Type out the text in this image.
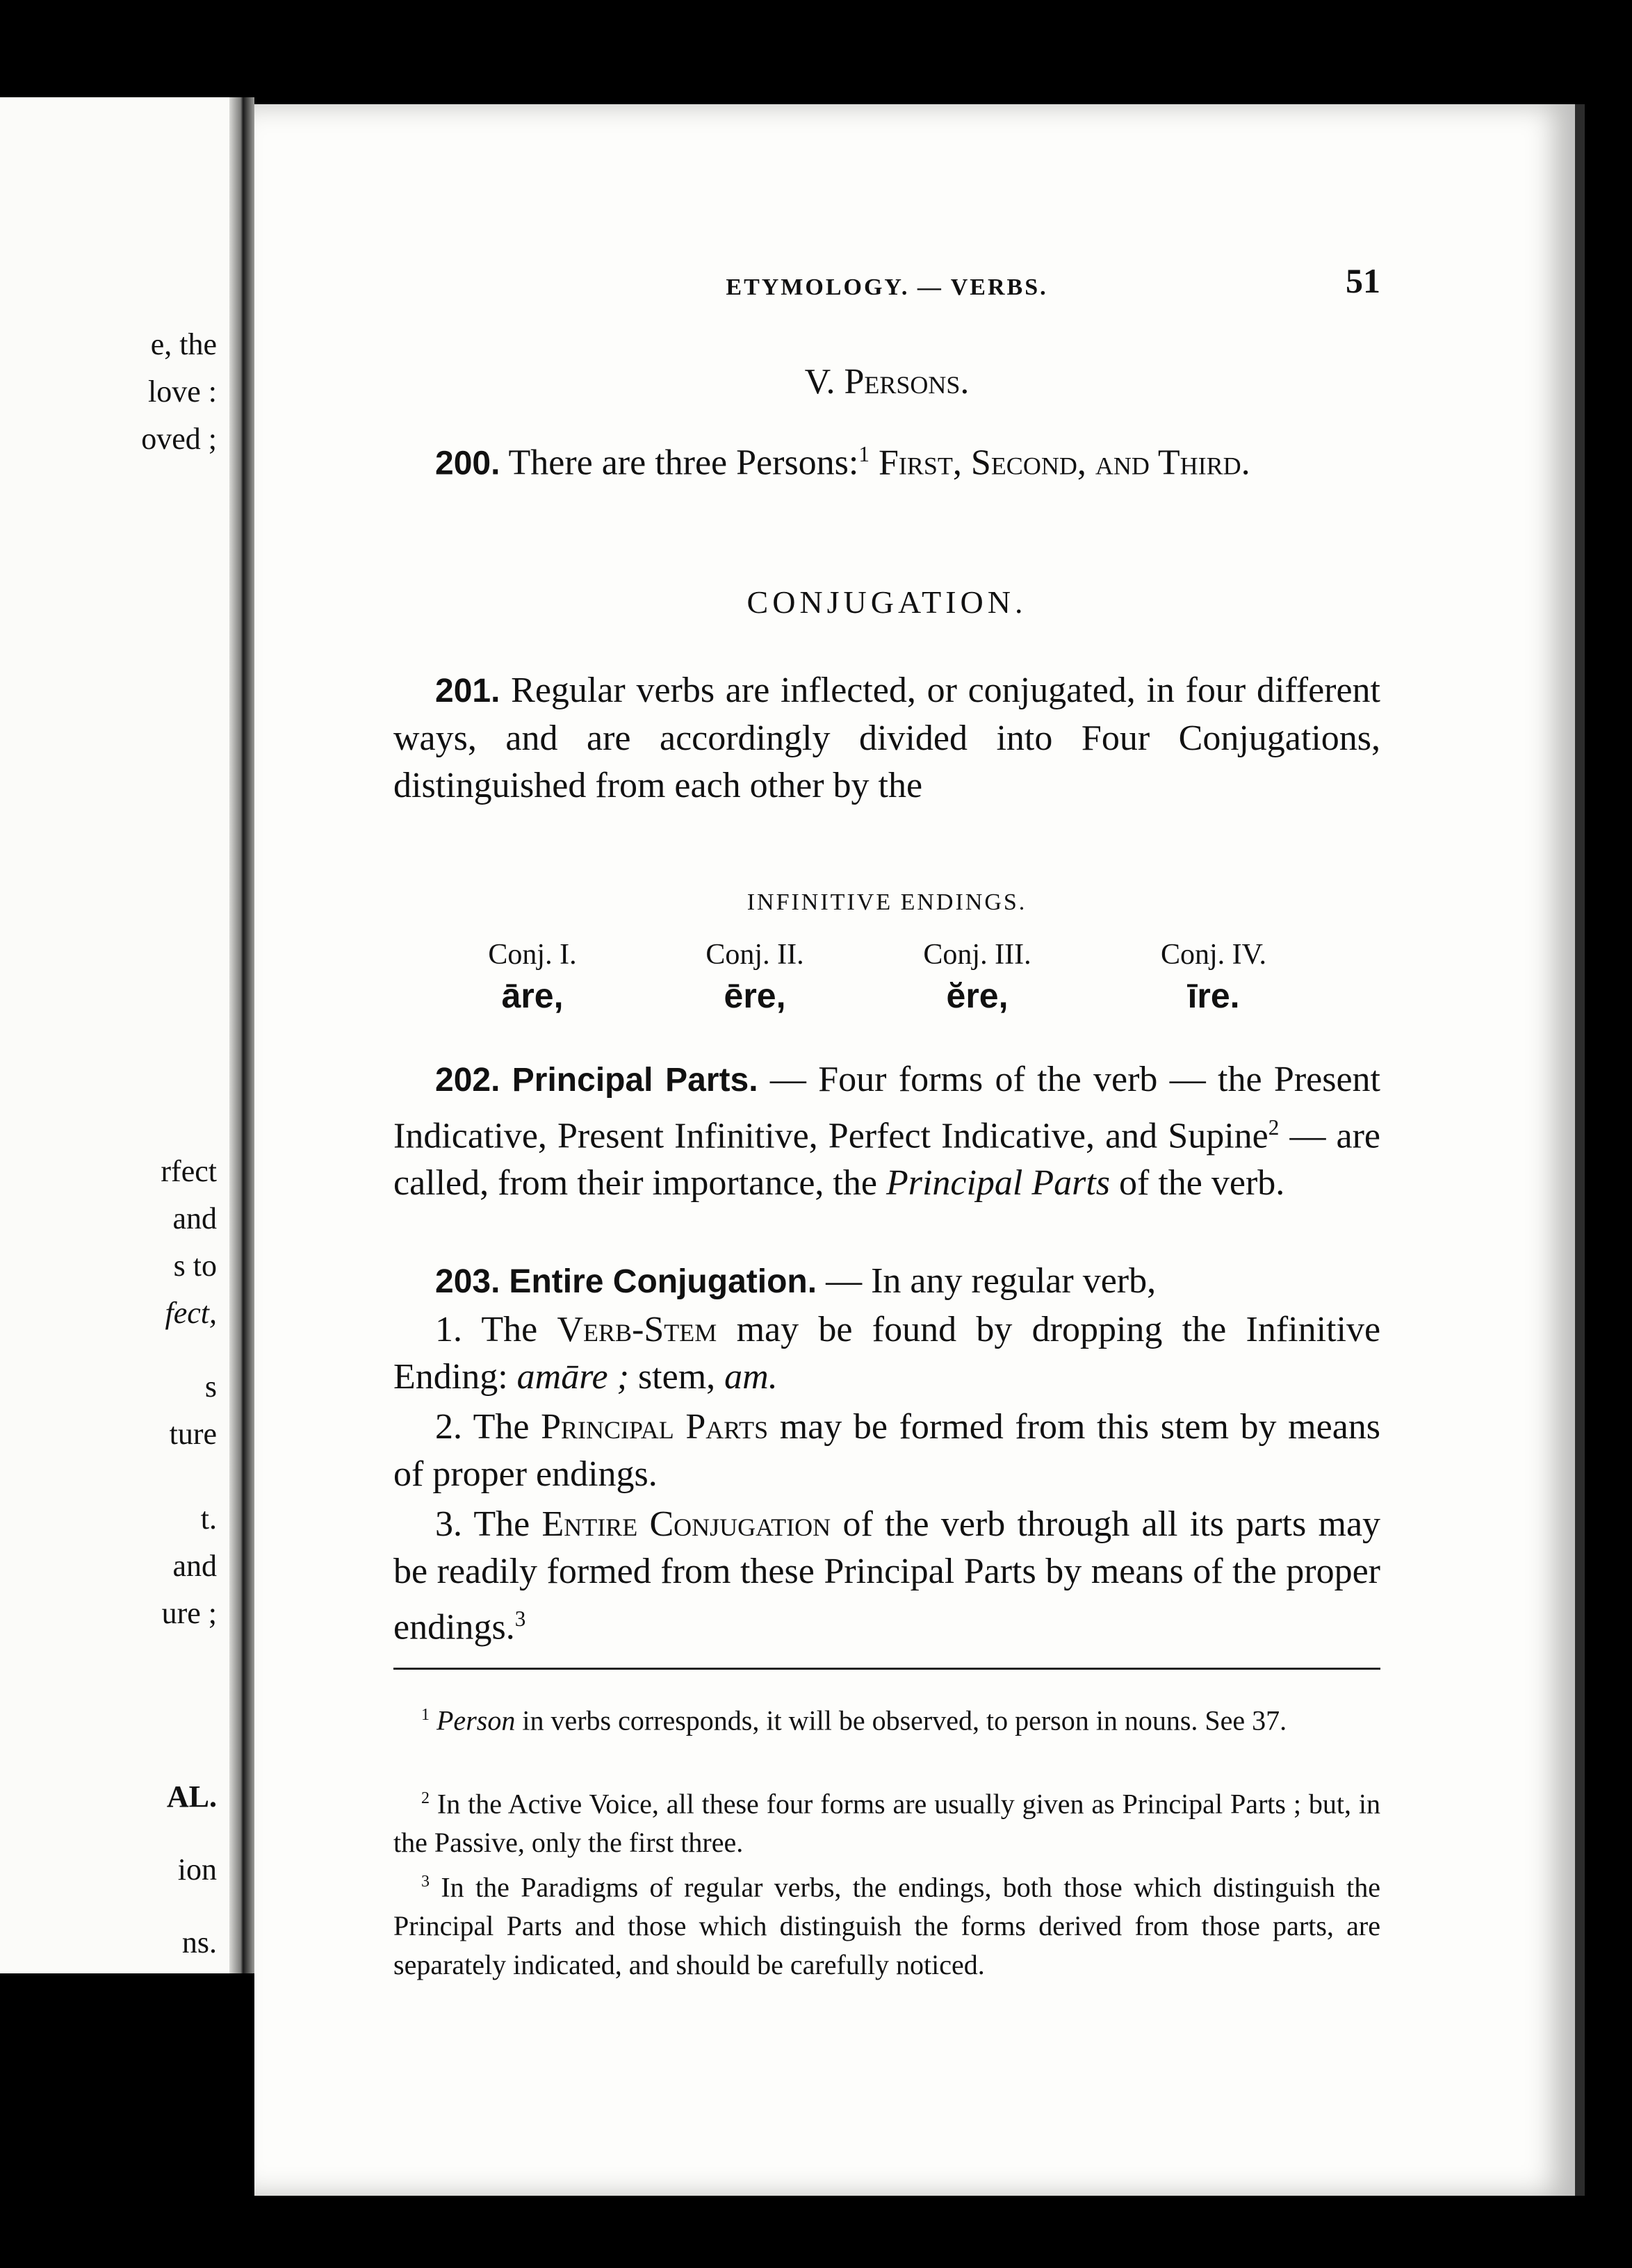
e, the
love :
oved ;
rfect
and
s to
fect,
s
ture
t.
and
ure ;
AL.
ion
ns.
ETYMOLOGY. — VERBS.	51
V. Persons.

200. There are three Persons:$^1$ First, Second, and Third.

CONJUGATION.

201. Regular verbs are inflected, or conjugated, in four different ways, and are accordingly divided into Four Conjugations, distinguished from each other by the

INFINITIVE ENDINGS.
Conj. I.
āre,
Conj. II.
ēre,
Conj. III.
ĕre,
Conj. IV.
īre.

202. Principal Parts. — Four forms of the verb — the Present Indicative, Present Infinitive, Perfect Indicative, and Supine$^2$ — are called, from their importance, the Principal Parts of the verb.

203. Entire Conjugation. — In any regular verb,

1. The Verb-Stem may be found by dropping the Infinitive Ending: amāre ; stem, am.

2. The Principal Parts may be formed from this stem by means of proper endings.

3. The Entire Conjugation of the verb through all its parts may be readily formed from these Principal Parts by means of the proper endings.$^3$

$^1$ Person in verbs corresponds, it will be observed, to person in nouns. See 37.

$^2$ In the Active Voice, all these four forms are usually given as Principal Parts ; but, in the Passive, only the first three.

$^3$ In the Paradigms of regular verbs, the endings, both those which distinguish the Principal Parts and those which distinguish the forms derived from those parts, are separately indicated, and should be carefully noticed.
